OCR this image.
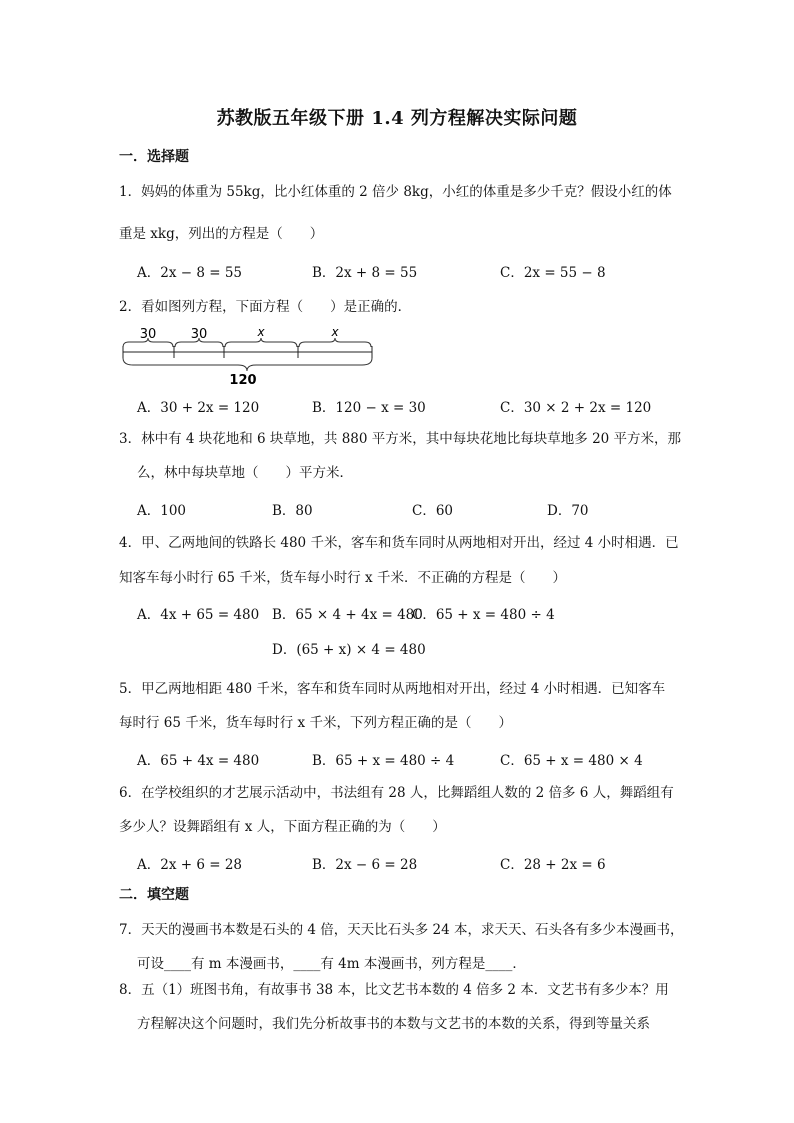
苏教版五年级下册 1.4 列方程解决实际问题
一．选择题
1．妈妈的体重为 55kg，比小红体重的 2 倍少 8kg，小红的体重是多少千克？假设小红的体
重是 xkg，列出的方程是（　　）
A．2x − 8 = 55	B．2x + 8 = 55	C．2x = 55 − 8
2．看如图列方程，下面方程（　　）是正确的．
30	30	x	x
120
A．30 + 2x = 120	B．120 − x = 30	C．30 × 2 + 2x = 120
3．林中有 4 块花地和 6 块草地，共 880 平方米，其中每块花地比每块草地多 20 平方米，那
么，林中每块草地（　　）平方米．
A．100	B．80	C．60	D．70
4．甲、乙两地间的铁路长 480 千米，客车和货车同时从两地相对开出，经过 4 小时相遇．已
知客车每小时行 65 千米，货车每小时行 x 千米．不正确的方程是（　　）
A．4x + 65 = 480 B．65 × 4 + 4x = 480
C．65 + x = 480 ÷ 4
D．(65 + x) × 4 = 480
5．甲乙两地相距 480 千米，客车和货车同时从两地相对开出，经过 4 小时相遇．已知客车
每时行 65 千米，货车每时行 x 千米，下列方程正确的是（　　）
A．65 + 4x = 480	B．65 + x = 480 ÷ 4	C．65 + x = 480 × 4
6．在学校组织的才艺展示活动中，书法组有 28 人，比舞蹈组人数的 2 倍多 6 人，舞蹈组有
多少人？设舞蹈组有 x 人，下面方程正确的为（　　）
A．2x + 6 = 28	B．2x − 6 = 28	C．28 + 2x = 6
二．填空题
7．天天的漫画书本数是石头的 4 倍，天天比石头多 24 本，求天天、石头各有多少本漫画书，
可设____有 m 本漫画书，____有 4m 本漫画书，列方程是____．
8．五（1）班图书角，有故事书 38 本，比文艺书本数的 4 倍多 2 本．文艺书有多少本？用
方程解决这个问题时，我们先分析故事书的本数与文艺书的本数的关系，得到等量关系
